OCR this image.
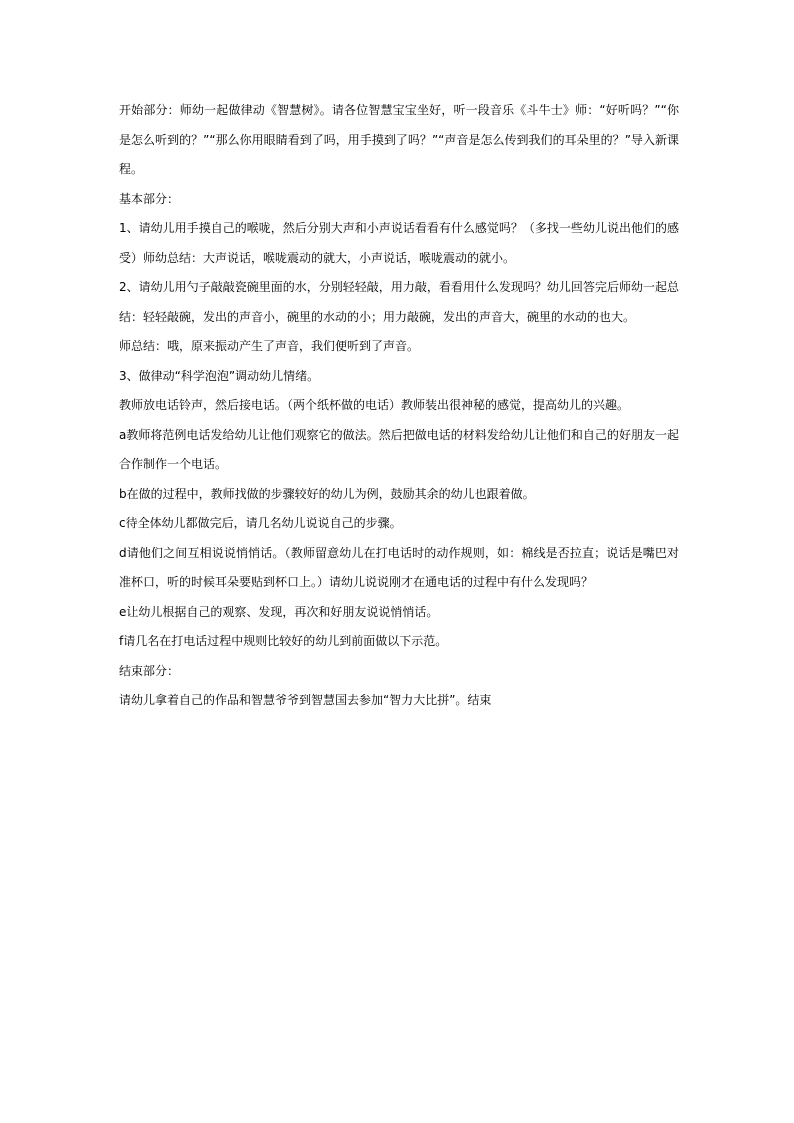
开始部分：师幼一起做律动《智慧树》。请各位智慧宝宝坐好，听一段音乐《斗牛士》师：“好听吗？”“你是怎么听到的？”“那么你用眼睛看到了吗，用手摸到了吗？”“声音是怎么传到我们的耳朵里的？”导入新课程。

基本部分：

1、请幼儿用手摸自己的喉咙，然后分别大声和小声说话看看有什么感觉吗？（多找一些幼儿说出他们的感受）师幼总结：大声说话，喉咙震动的就大，小声说话，喉咙震动的就小。

2、请幼儿用勺子敲敲瓷碗里面的水，分别轻轻敲，用力敲，看看用什么发现吗？幼儿回答完后师幼一起总结：轻轻敲碗，发出的声音小，碗里的水动的小；用力敲碗，发出的声音大，碗里的水动的也大。

师总结：哦，原来振动产生了声音，我们便听到了声音。

3、做律动“科学泡泡”调动幼儿情绪。

教师放电话铃声，然后接电话。（两个纸杯做的电话）教师装出很神秘的感觉，提高幼儿的兴趣。

a教师将范例电话发给幼儿让他们观察它的做法。然后把做电话的材料发给幼儿让他们和自己的好朋友一起合作制作一个电话。

b在做的过程中，教师找做的步骤较好的幼儿为例，鼓励其余的幼儿也跟着做。

c待全体幼儿都做完后，请几名幼儿说说自己的步骤。

d请他们之间互相说说悄悄话。（教师留意幼儿在打电话时的动作规则，如：棉线是否拉直；说话是嘴巴对准杯口，听的时候耳朵要贴到杯口上。）请幼儿说说刚才在通电话的过程中有什么发现吗？

e让幼儿根据自己的观察、发现，再次和好朋友说说悄悄话。

f请几名在打电话过程中规则比较好的幼儿到前面做以下示范。

结束部分：

请幼儿拿着自己的作品和智慧爷爷到智慧国去参加“智力大比拼”。结束
